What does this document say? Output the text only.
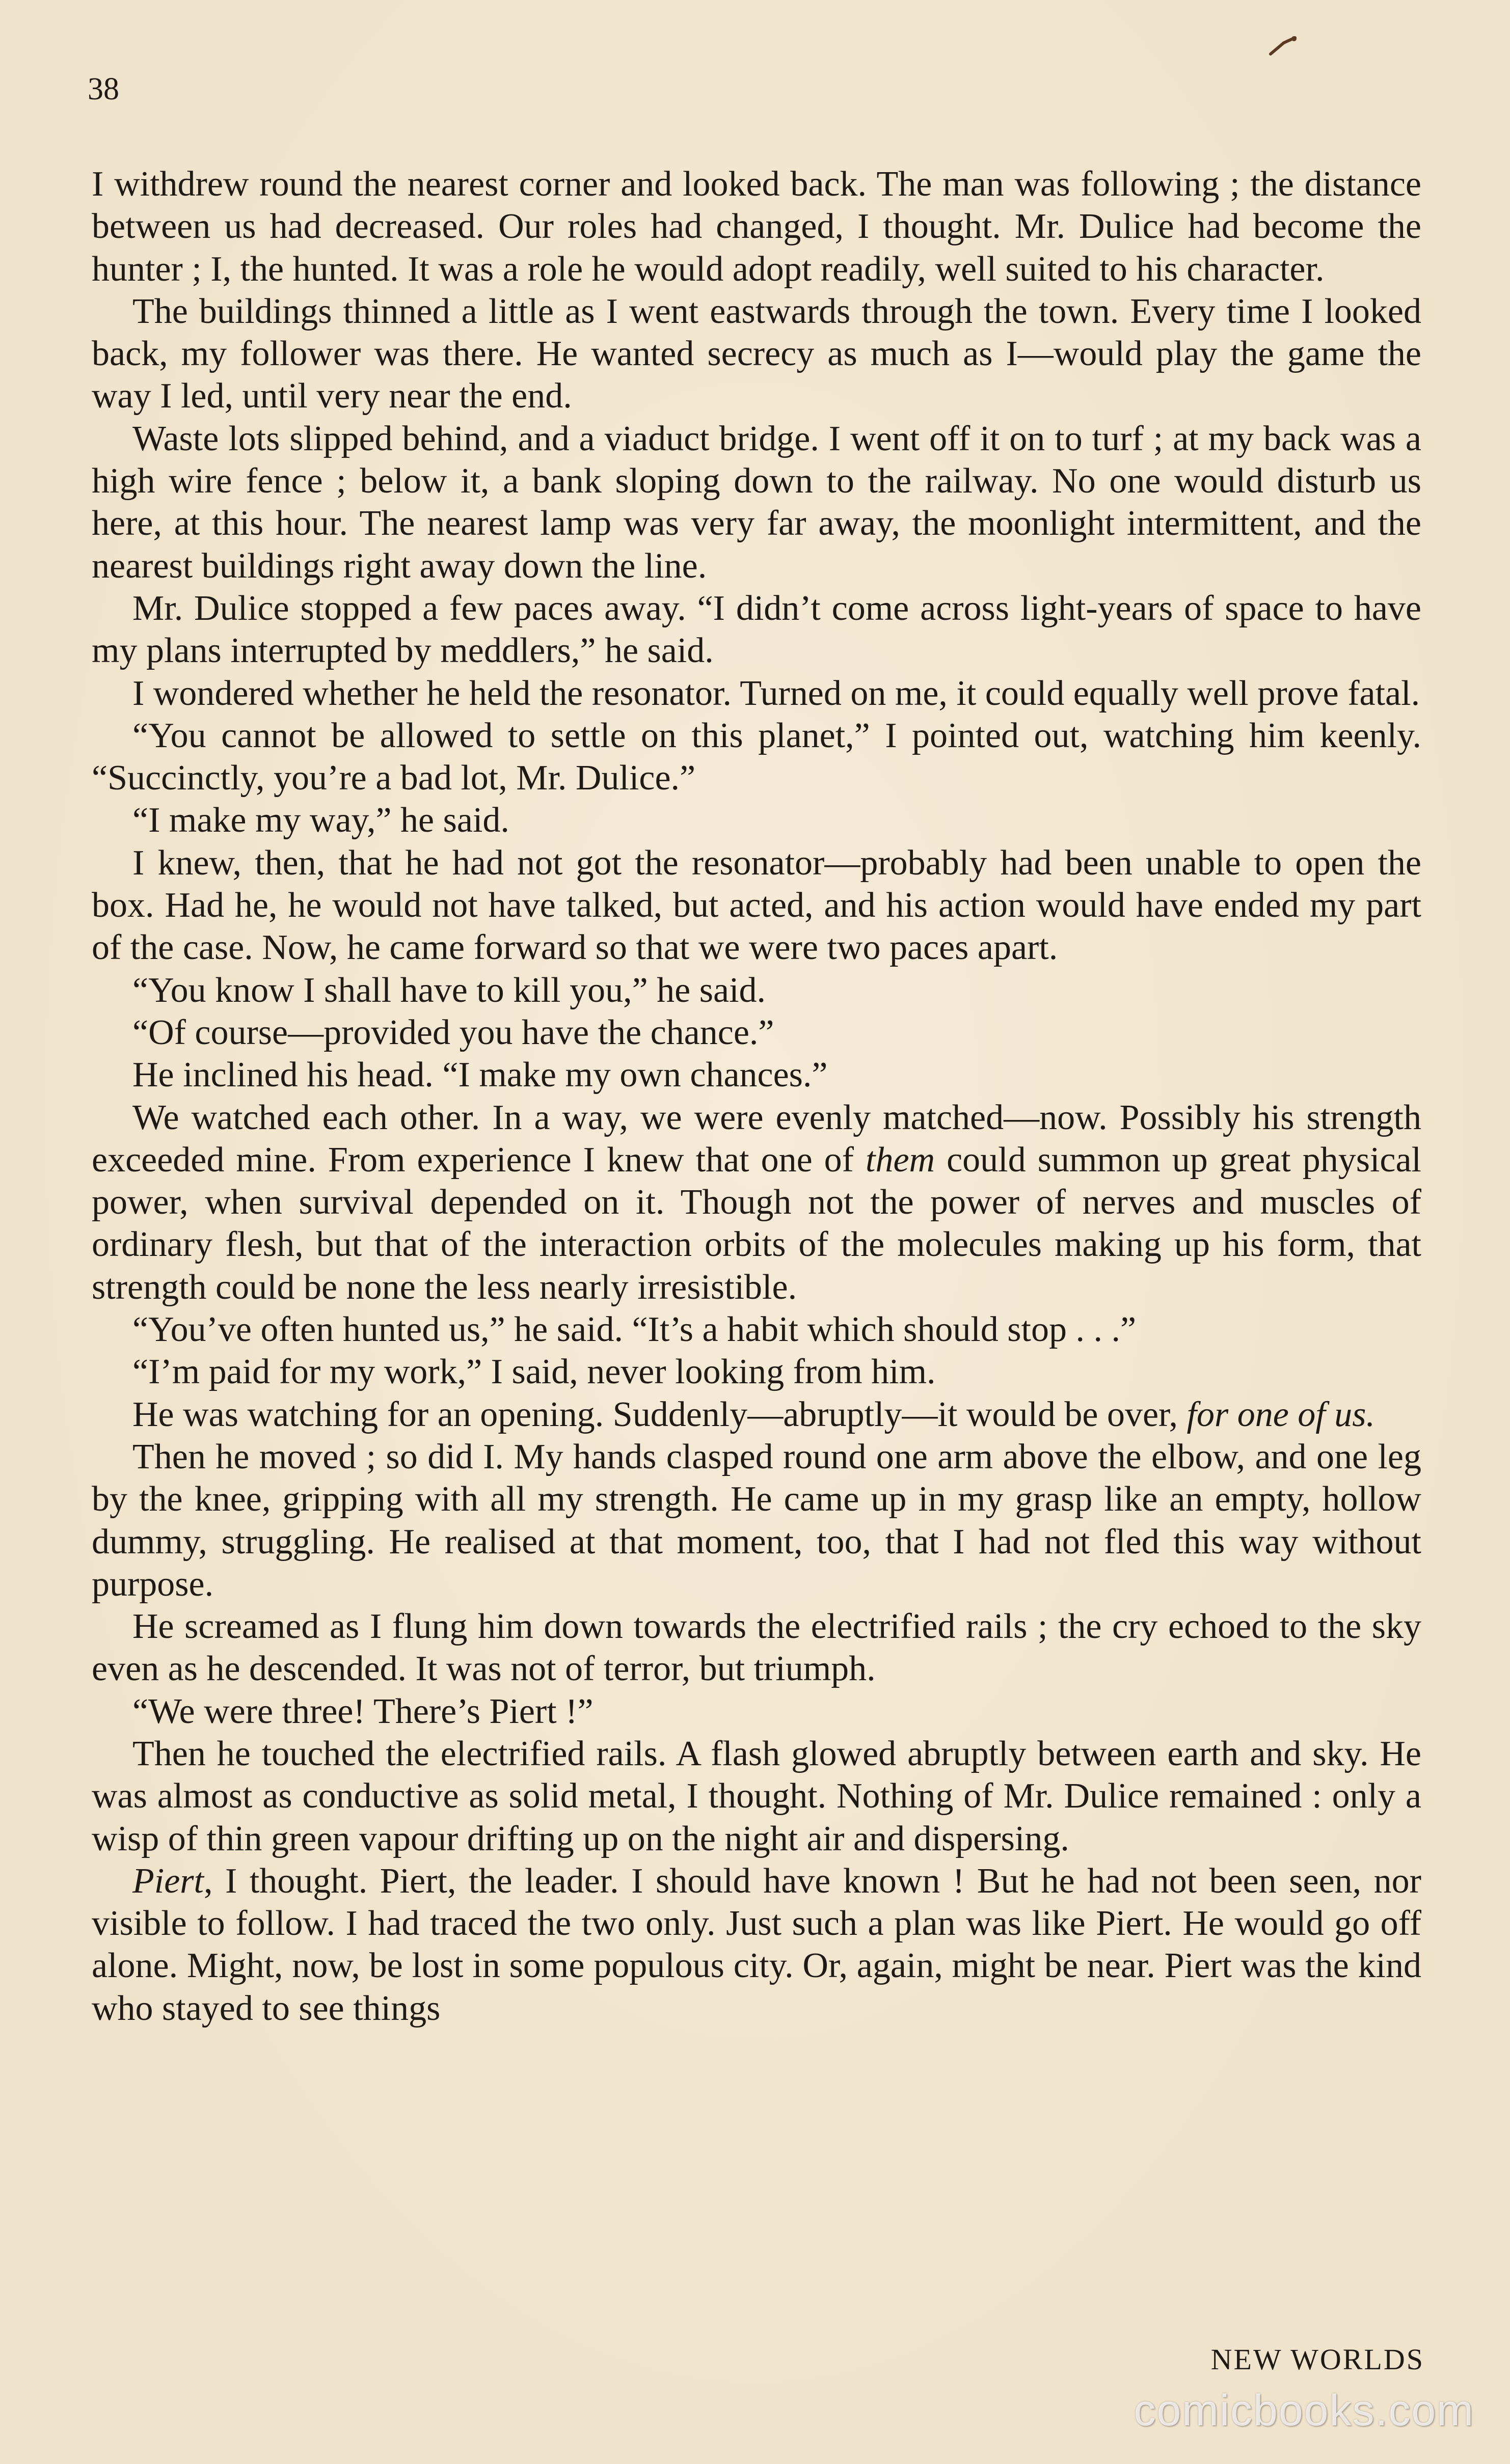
38

I withdrew round the nearest corner and looked back. The man was following ; the distance between us had decreased. Our roles had changed, I thought. Mr. Dulice had become the hunter ; I, the hunted. It was a role he would adopt readily, well suited to his character.

The buildings thinned a little as I went eastwards through the town. Every time I looked back, my follower was there. He wanted secrecy as much as I—would play the game the way I led, until very near the end.

Waste lots slipped behind, and a viaduct bridge. I went off it on to turf ; at my back was a high wire fence ; below it, a bank sloping down to the railway. No one would disturb us here, at this hour. The nearest lamp was very far away, the moonlight intermittent, and the nearest buildings right away down the line.

Mr. Dulice stopped a few paces away. “I didn’t come across light-years of space to have my plans interrupted by meddlers,” he said.

I wondered whether he held the resonator. Turned on me, it could equally well prove fatal.

“You cannot be allowed to settle on this planet,” I pointed out, watching him keenly. “Succinctly, you’re a bad lot, Mr. Dulice.”

“I make my way,” he said.

I knew, then, that he had not got the resonator—probably had been unable to open the box. Had he, he would not have talked, but acted, and his action would have ended my part of the case. Now, he came forward so that we were two paces apart.

“You know I shall have to kill you,” he said.

“Of course—provided you have the chance.”

He inclined his head. “I make my own chances.”

We watched each other. In a way, we were evenly matched—now. Possibly his strength exceeded mine. From experience I knew that one of them could summon up great physical power, when survival depended on it. Though not the power of nerves and muscles of ordinary flesh, but that of the interaction orbits of the molecules making up his form, that strength could be none the less nearly irresistible.

“You’ve often hunted us,” he said. “It’s a habit which should stop . . .”

“I’m paid for my work,” I said, never looking from him.

He was watching for an opening. Suddenly—abruptly—it would be over, for one of us.

Then he moved ; so did I. My hands clasped round one arm above the elbow, and one leg by the knee, gripping with all my strength. He came up in my grasp like an empty, hollow dummy, struggling. He realised at that moment, too, that I had not fled this way without purpose.

He screamed as I flung him down towards the electrified rails ; the cry echoed to the sky even as he descended. It was not of terror, but triumph.

“We were three! There’s Piert !”

Then he touched the electrified rails. A flash glowed abruptly between earth and sky. He was almost as conductive as solid metal, I thought. Nothing of Mr. Dulice remained : only a wisp of thin green vapour drifting up on the night air and dispersing.

Piert, I thought. Piert, the leader. I should have known ! But he had not been seen, nor visible to follow. I had traced the two only. Just such a plan was like Piert. He would go off alone. Might, now, be lost in some populous city. Or, again, might be near. Piert was the kind who stayed to see things

NEW WORLDS
comicbooks.com
